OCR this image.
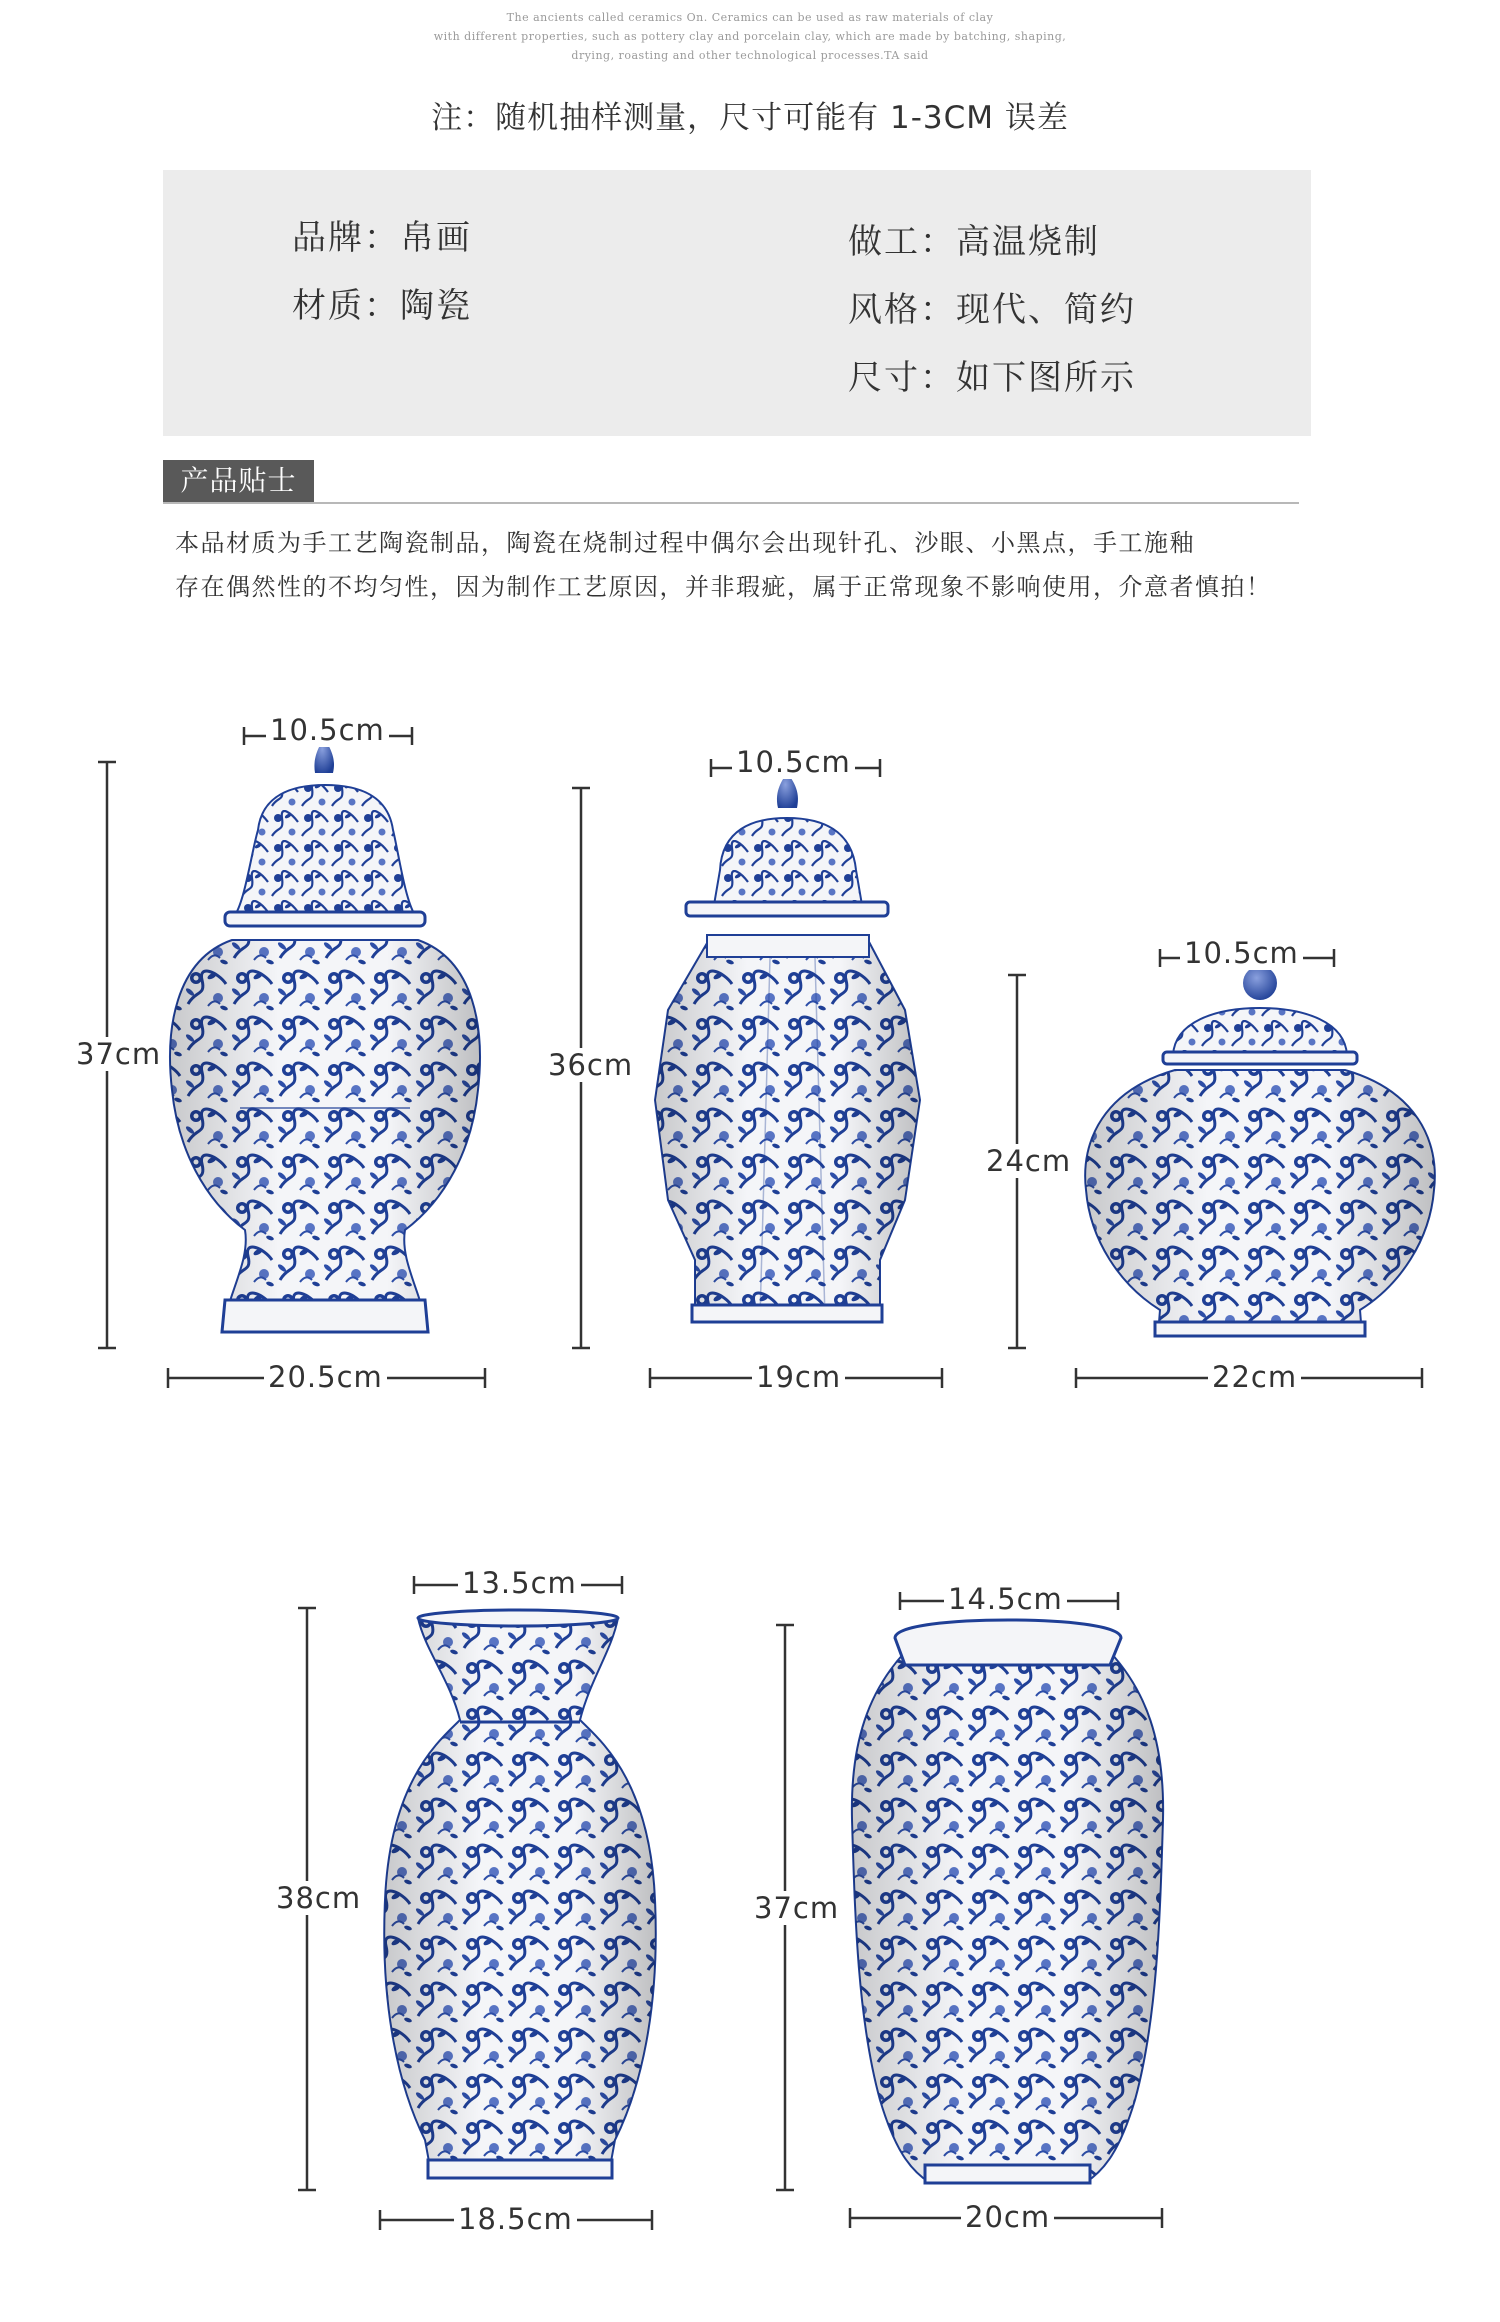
The ancients called ceramics On. Ceramics can be used as raw materials of clay
with different properties, such as pottery clay and porcelain clay, which are made by batching, shaping,
drying, roasting and other technological processes.TA said
注：随机抽样测量，尺寸可能有 1-3CM 误差
品牌：帛画
材质：陶瓷
做工：高温烧制
风格：现代、简约
尺寸：如下图所示
产品贴士
本品材质为手工艺陶瓷制品，陶瓷在烧制过程中偶尔会出现针孔、沙眼、小黑点，手工施釉
存在偶然性的不均匀性，因为制作工艺原因，并非瑕疵，属于正常现象不影响使用，介意者慎拍！
10.5cm
37cm
20.5cm
10.5cm
36cm
19cm
10.5cm
24cm
22cm
13.5cm
38cm
18.5cm
14.5cm
37cm
20cm
